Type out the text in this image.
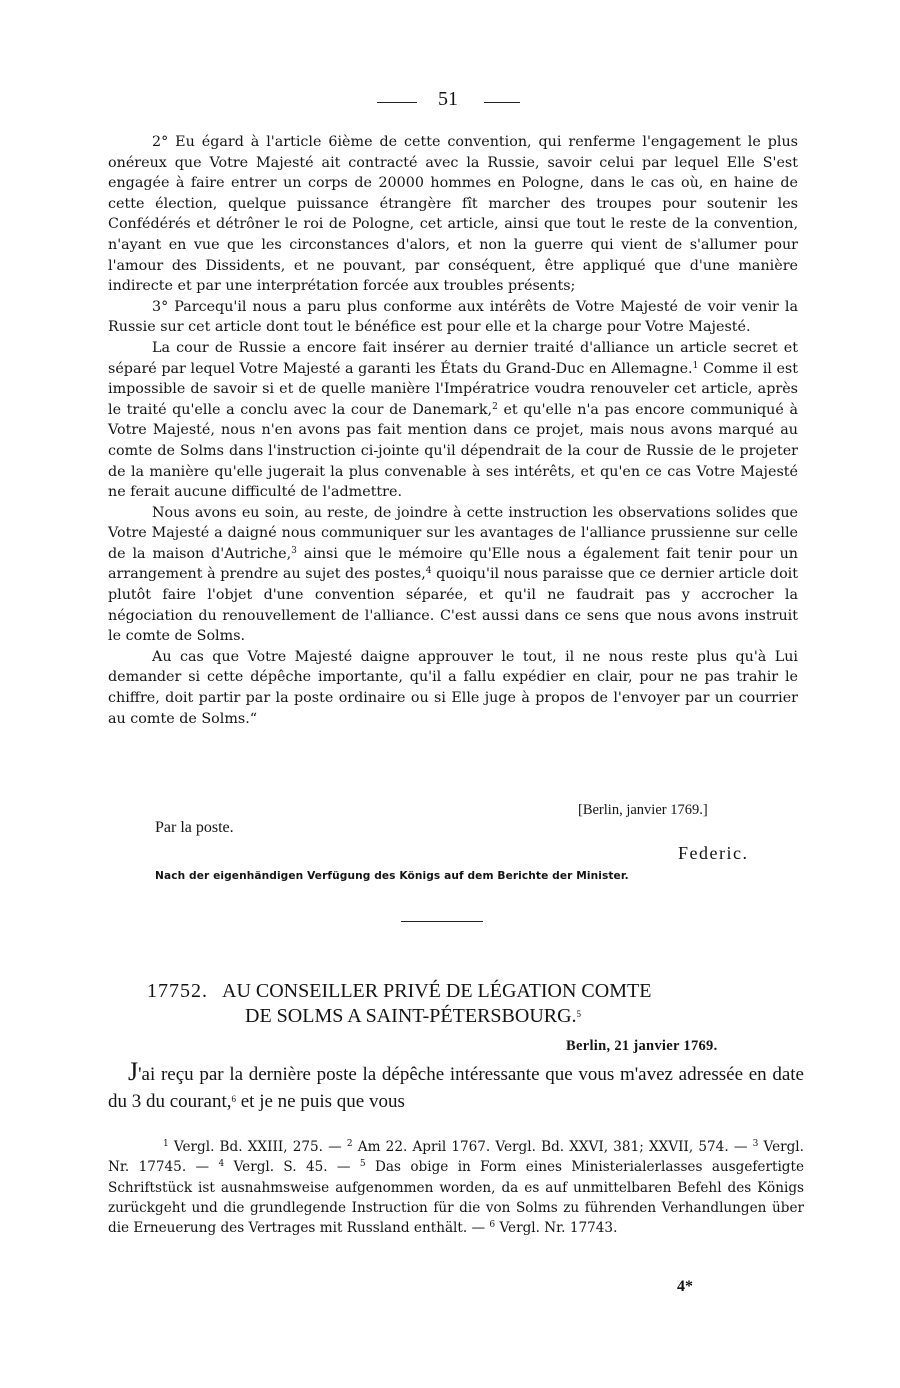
51

2° Eu égard à l'article 6ième de cette convention, qui renferme l'engagement le plus onéreux que Votre Majesté ait contracté avec la Russie, savoir celui par lequel Elle S'est engagée à faire entrer un corps de 20000 hommes en Pologne, dans le cas où, en haine de cette élection, quelque puissance étrangère fît marcher des troupes pour soutenir les Confédérés et détrôner le roi de Pologne, cet article, ainsi que tout le reste de la convention, n'ayant en vue que les circonstances d'alors, et non la guerre qui vient de s'allumer pour l'amour des Dissidents, et ne pouvant, par conséquent, être appliqué que d'une manière indirecte et par une interprétation forcée aux troubles présents;

3° Parcequ'il nous a paru plus conforme aux intérêts de Votre Majesté de voir venir la Russie sur cet article dont tout le bénéfice est pour elle et la charge pour Votre Majesté.

La cour de Russie a encore fait insérer au dernier traité d'alliance un article secret et séparé par lequel Votre Majesté a garanti les États du Grand-Duc en Allemagne.$^1$ Comme il est impossible de savoir si et de quelle manière l'Impératrice voudra renouveler cet article, après le traité qu'elle a conclu avec la cour de Danemark,$^2$ et qu'elle n'a pas encore communiqué à Votre Majesté, nous n'en avons pas fait mention dans ce projet, mais nous avons marqué au comte de Solms dans l'instruction ci-jointe qu'il dépendrait de la cour de Russie de le projeter de la manière qu'elle jugerait la plus convenable à ses intérêts, et qu'en ce cas Votre Majesté ne ferait aucune difficulté de l'admettre.

Nous avons eu soin, au reste, de joindre à cette instruction les observations solides que Votre Majesté a daigné nous communiquer sur les avantages de l'alliance prussienne sur celle de la maison d'Autriche,$^3$ ainsi que le mémoire qu'Elle nous a également fait tenir pour un arrangement à prendre au sujet des postes,$^4$ quoiqu'il nous paraisse que ce dernier article doit plutôt faire l'objet d'une convention séparée, et qu'il ne faudrait pas y accrocher la négociation du renouvellement de l'alliance. C'est aussi dans ce sens que nous avons instruit le comte de Solms.

Au cas que Votre Majesté daigne approuver le tout, il ne nous reste plus qu'à Lui demander si cette dépêche importante, qu'il a fallu expédier en clair, pour ne pas trahir le chiffre, doit partir par la poste ordinaire ou si Elle juge à propos de l'envoyer par un courrier au comte de Solms.“

[Berlin, janvier 1769.]
Par la poste.
Federic.
Nach der eigenhändigen Verfügung des Königs auf dem Berichte der Minister.
17752. AU CONSEILLER PRIVÉ DE LÉGATION COMTE
DE SOLMS A SAINT-PÉTERSBOURG.$^5$
Berlin, 21 janvier 1769.

J'ai reçu par la dernière poste la dépêche intéressante que vous m'avez adressée en date du 3 du courant,$^6$ et je ne puis que vous

$^1$ Vergl. Bd. XXIII, 275. — $^2$ Am 22. April 1767. Vergl. Bd. XXVI, 381; XXVII, 574. — $^3$ Vergl. Nr. 17745. — $^4$ Vergl. S. 45. — $^5$ Das obige in Form eines Ministerialerlasses ausgefertigte Schriftstück ist ausnahmsweise aufgenommen worden, da es auf unmittelbaren Befehl des Königs zurückgeht und die grundlegende Instruction für die von Solms zu führenden Verhandlungen über die Erneuerung des Vertrages mit Russland enthält. — $^6$ Vergl. Nr. 17743.

4*
